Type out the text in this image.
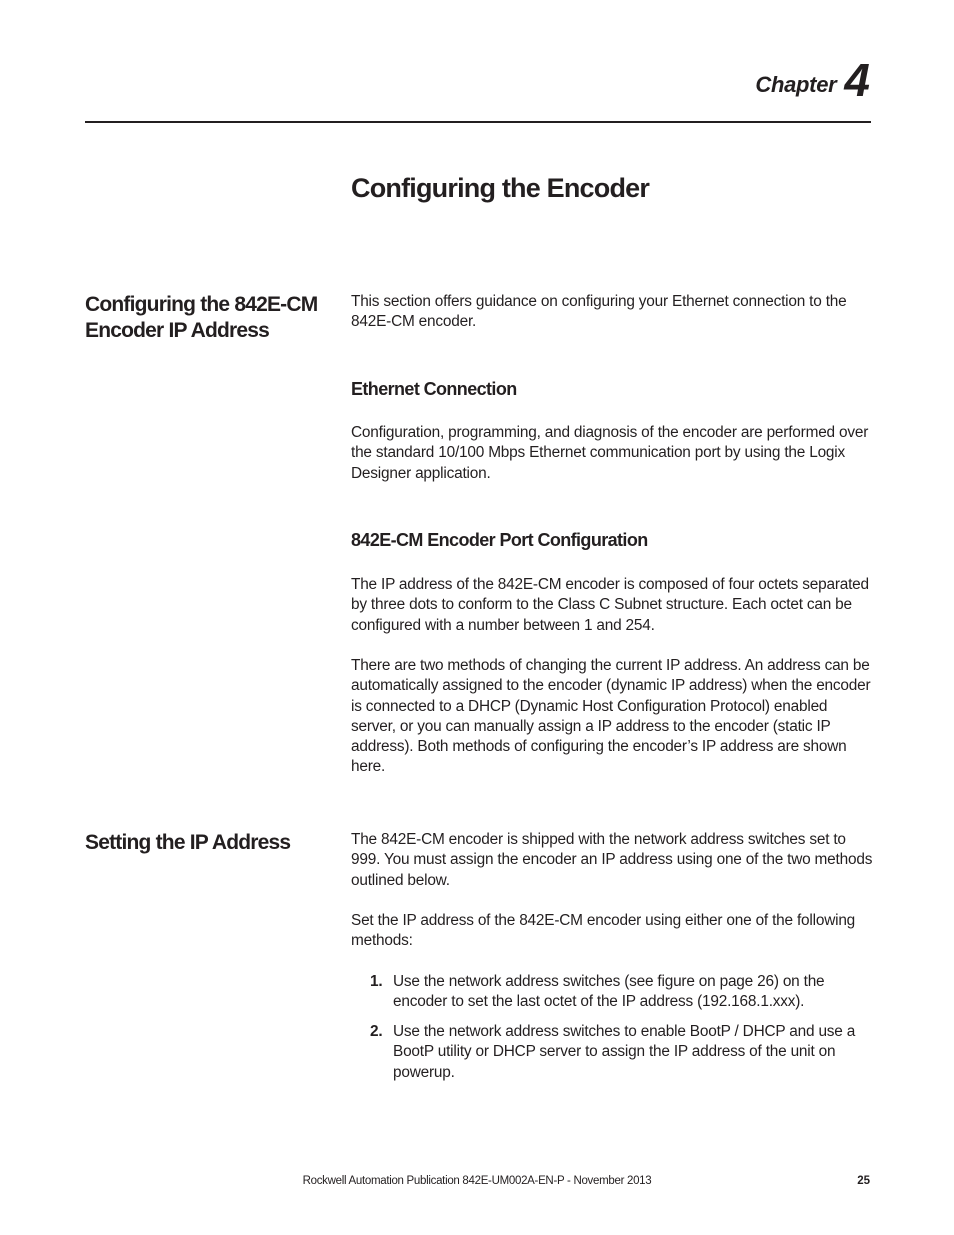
Chapter 4
Configuring the Encoder
Configuring the 842E-CM
Encoder IP Address

This section offers guidance on configuring your Ethernet connection to the 842E-CM encoder.

Ethernet Connection

Configuration, programming, and diagnosis of the encoder are performed over the standard 10/100 Mbps Ethernet communication port by using the Logix Designer application.

842E-CM Encoder Port Configuration

The IP address of the 842E-CM encoder is composed of four octets separated by three dots to conform to the Class C Subnet structure. Each octet can be configured with a number between 1 and 254.

There are two methods of changing the current IP address. An address can be automatically assigned to the encoder (dynamic IP address) when the encoder is connected to a DHCP (Dynamic Host Configuration Protocol) enabled server, or you can manually assign a IP address to the encoder (static IP address). Both methods of configuring the encoder’s IP address are shown here.

Setting the IP Address	The 842E-CM encoder is shipped with the network address switches set to 999. You must assign the encoder an IP address using one of the two methods outlined below.

Set the IP address of the 842E-CM encoder using either one of the following methods:

1. Use the network address switches (see figure on page 26) on the encoder to set the last octet of the IP address (192.168.1.xxx).
2. Use the network address switches to enable BootP / DHCP and use a BootP utility or DHCP server to assign the IP address of the unit on powerup.
Rockwell Automation Publication 842E-UM002A-EN-P - November 2013	25
